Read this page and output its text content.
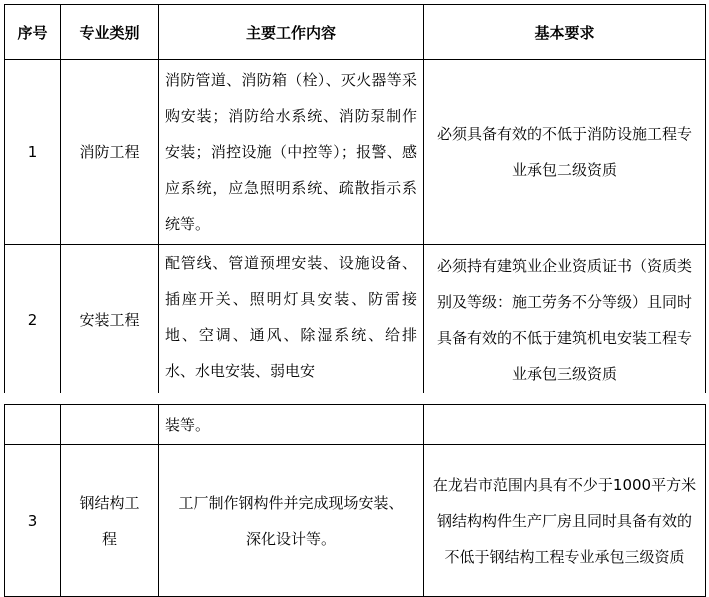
序号	专业类别	主要工作内容	基本要求
1	消防工程	消防管道、消防箱（栓）、灭火器等采购安装；消防给水系统、消防泵制作安装；消控设施（中控等）；报警、感应系统，应急照明系统、疏散指示系统等。	必须具备有效的不低于消防设施工程专业承包二级资质
2	安装工程	配管线、管道预埋安装、设施设备、插座开关、照明灯具安装、防雷接地、空调、通风、除湿系统、给排水、水电安装、弱电安	必须持有建筑业企业资质证书（资质类别及等级：施工劳务不分等级）且同时具备有效的不低于建筑机电安装工程专业承包三级资质
		装等。	
3	钢结构工程	工厂制作钢构件并完成现场安装、深化设计等。	在龙岩市范围内具有不少于1000平方米钢结构构件生产厂房且同时具备有效的不低于钢结构工程专业承包三级资质
